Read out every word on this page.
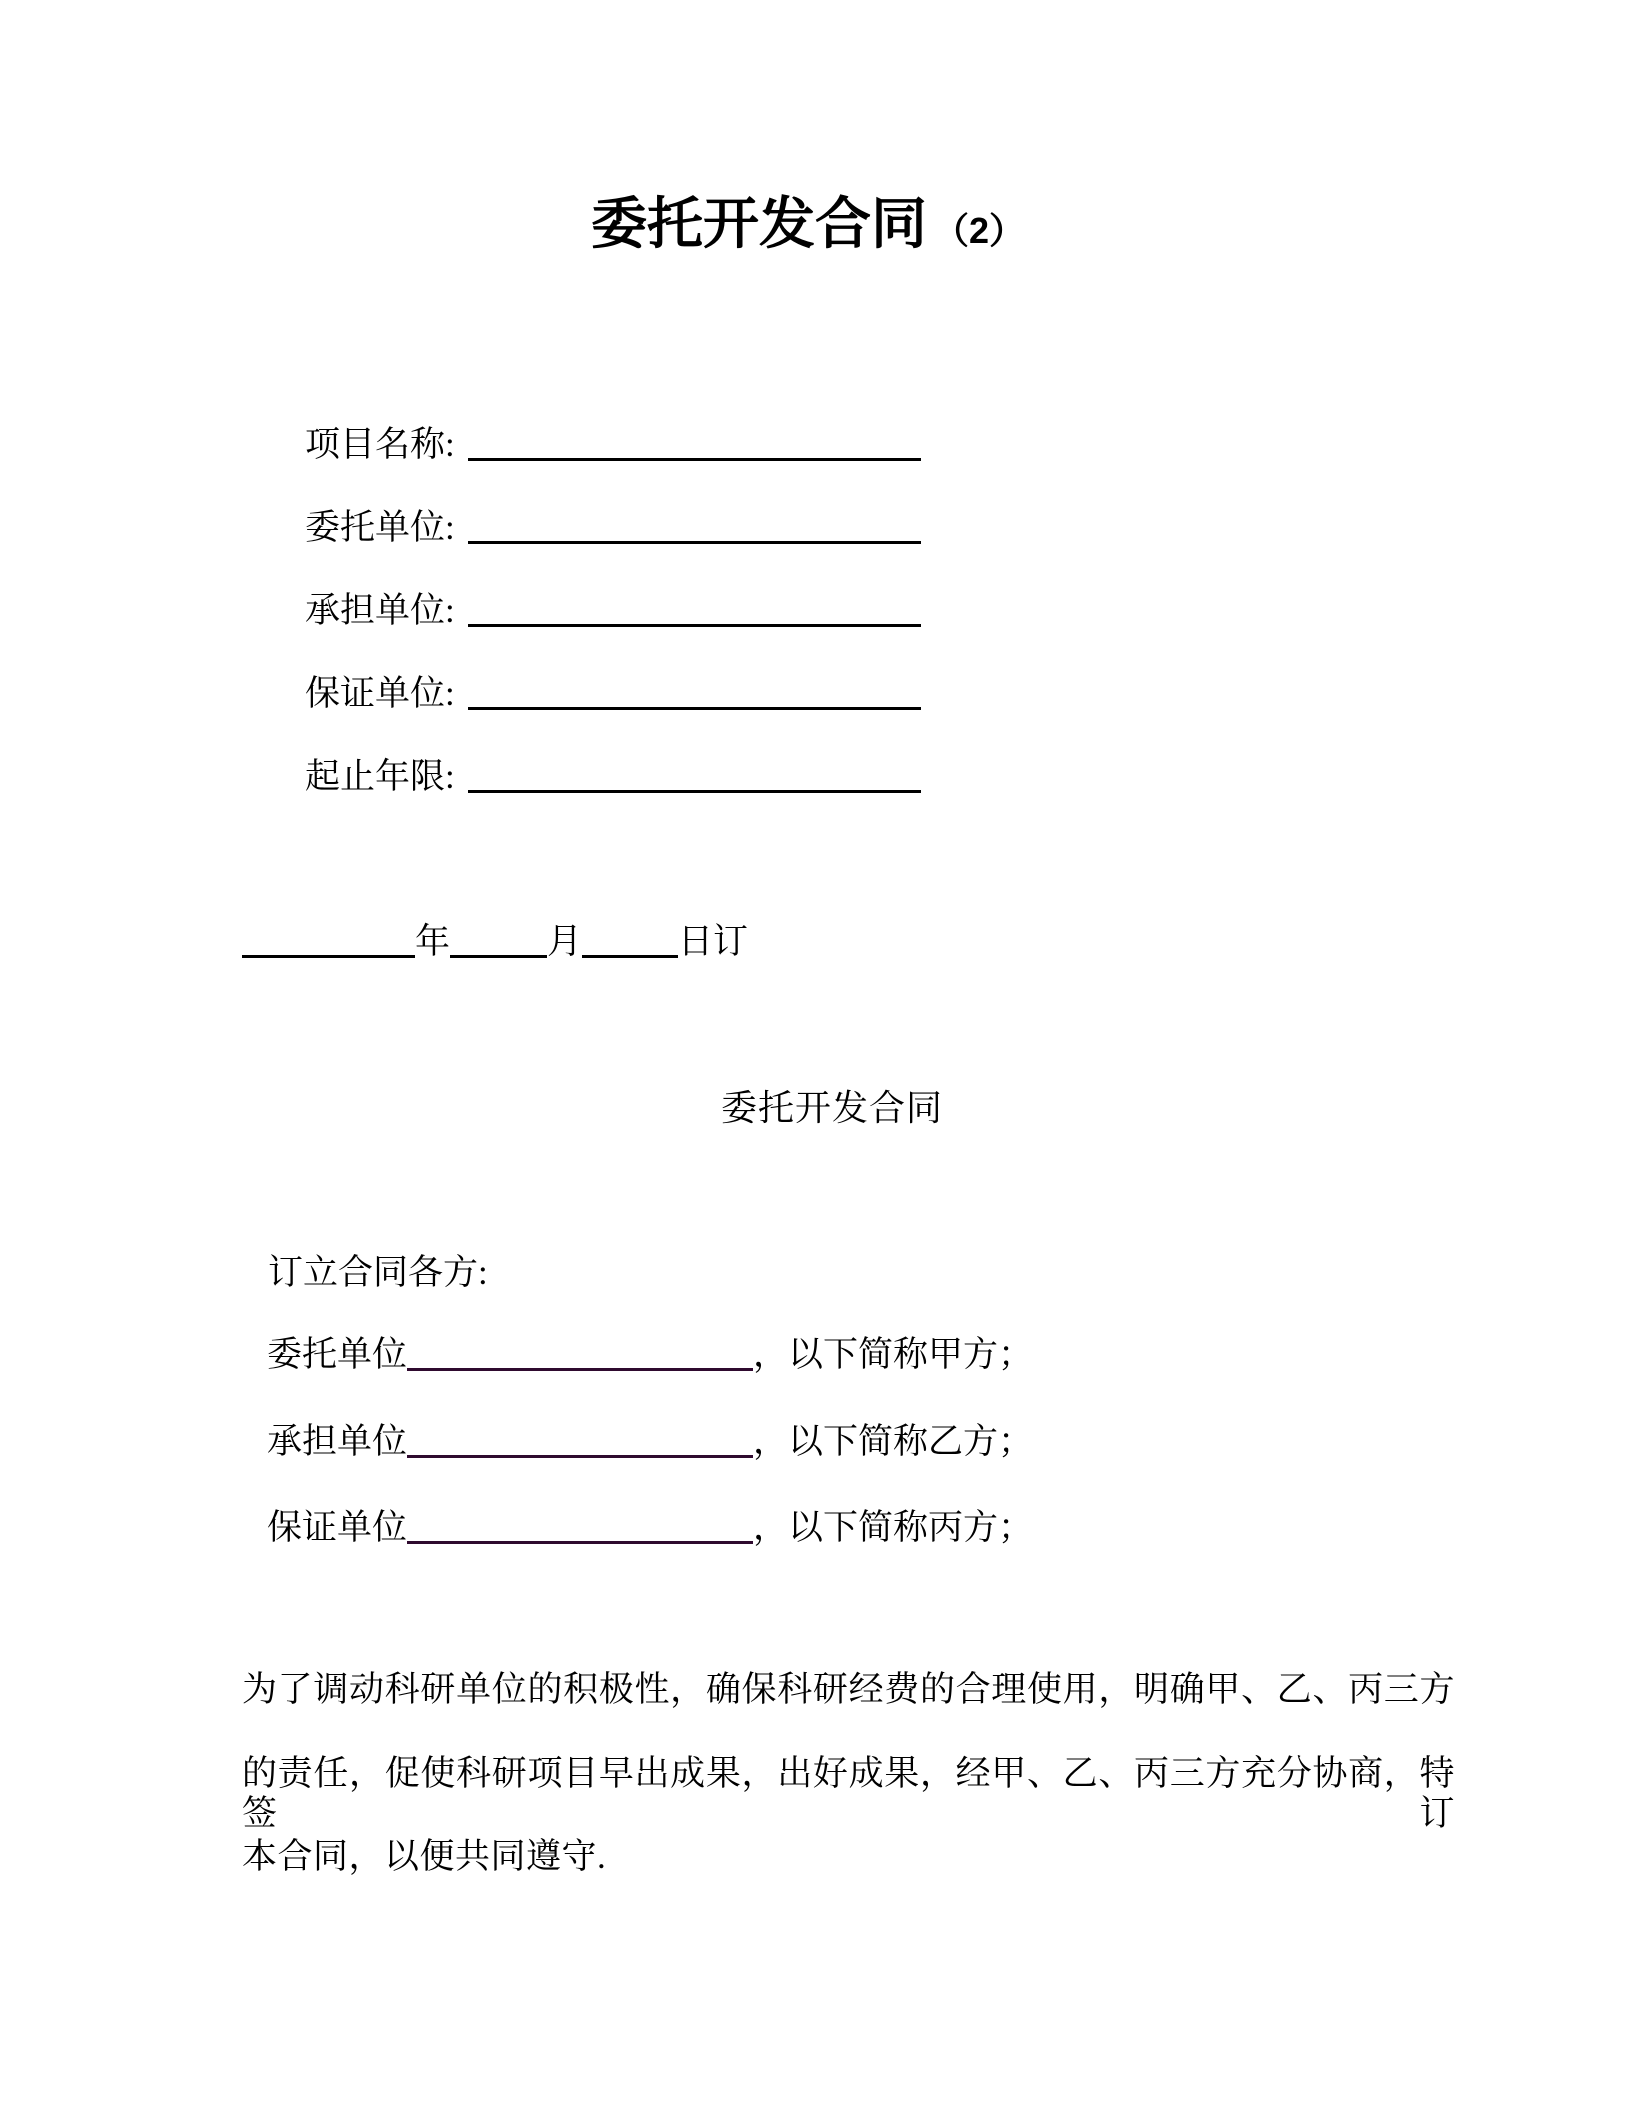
委托开发合同 （2）
项目名称:
委托单位:
承担单位:
保证单位:
起止年限:
年	月	日订
委托开发合同
订立合同各方:
委托单位	，以下简称甲方；
承担单位	，以下简称乙方；
保证单位	，以下简称丙方；
为了调动科研单位的积极性，确保科研经费的合理使用，明确甲、乙、丙三方
的责任，促使科研项目早出成果，出好成果，经甲、乙、丙三方充分协商，特签订
本合同，以便共同遵守.
